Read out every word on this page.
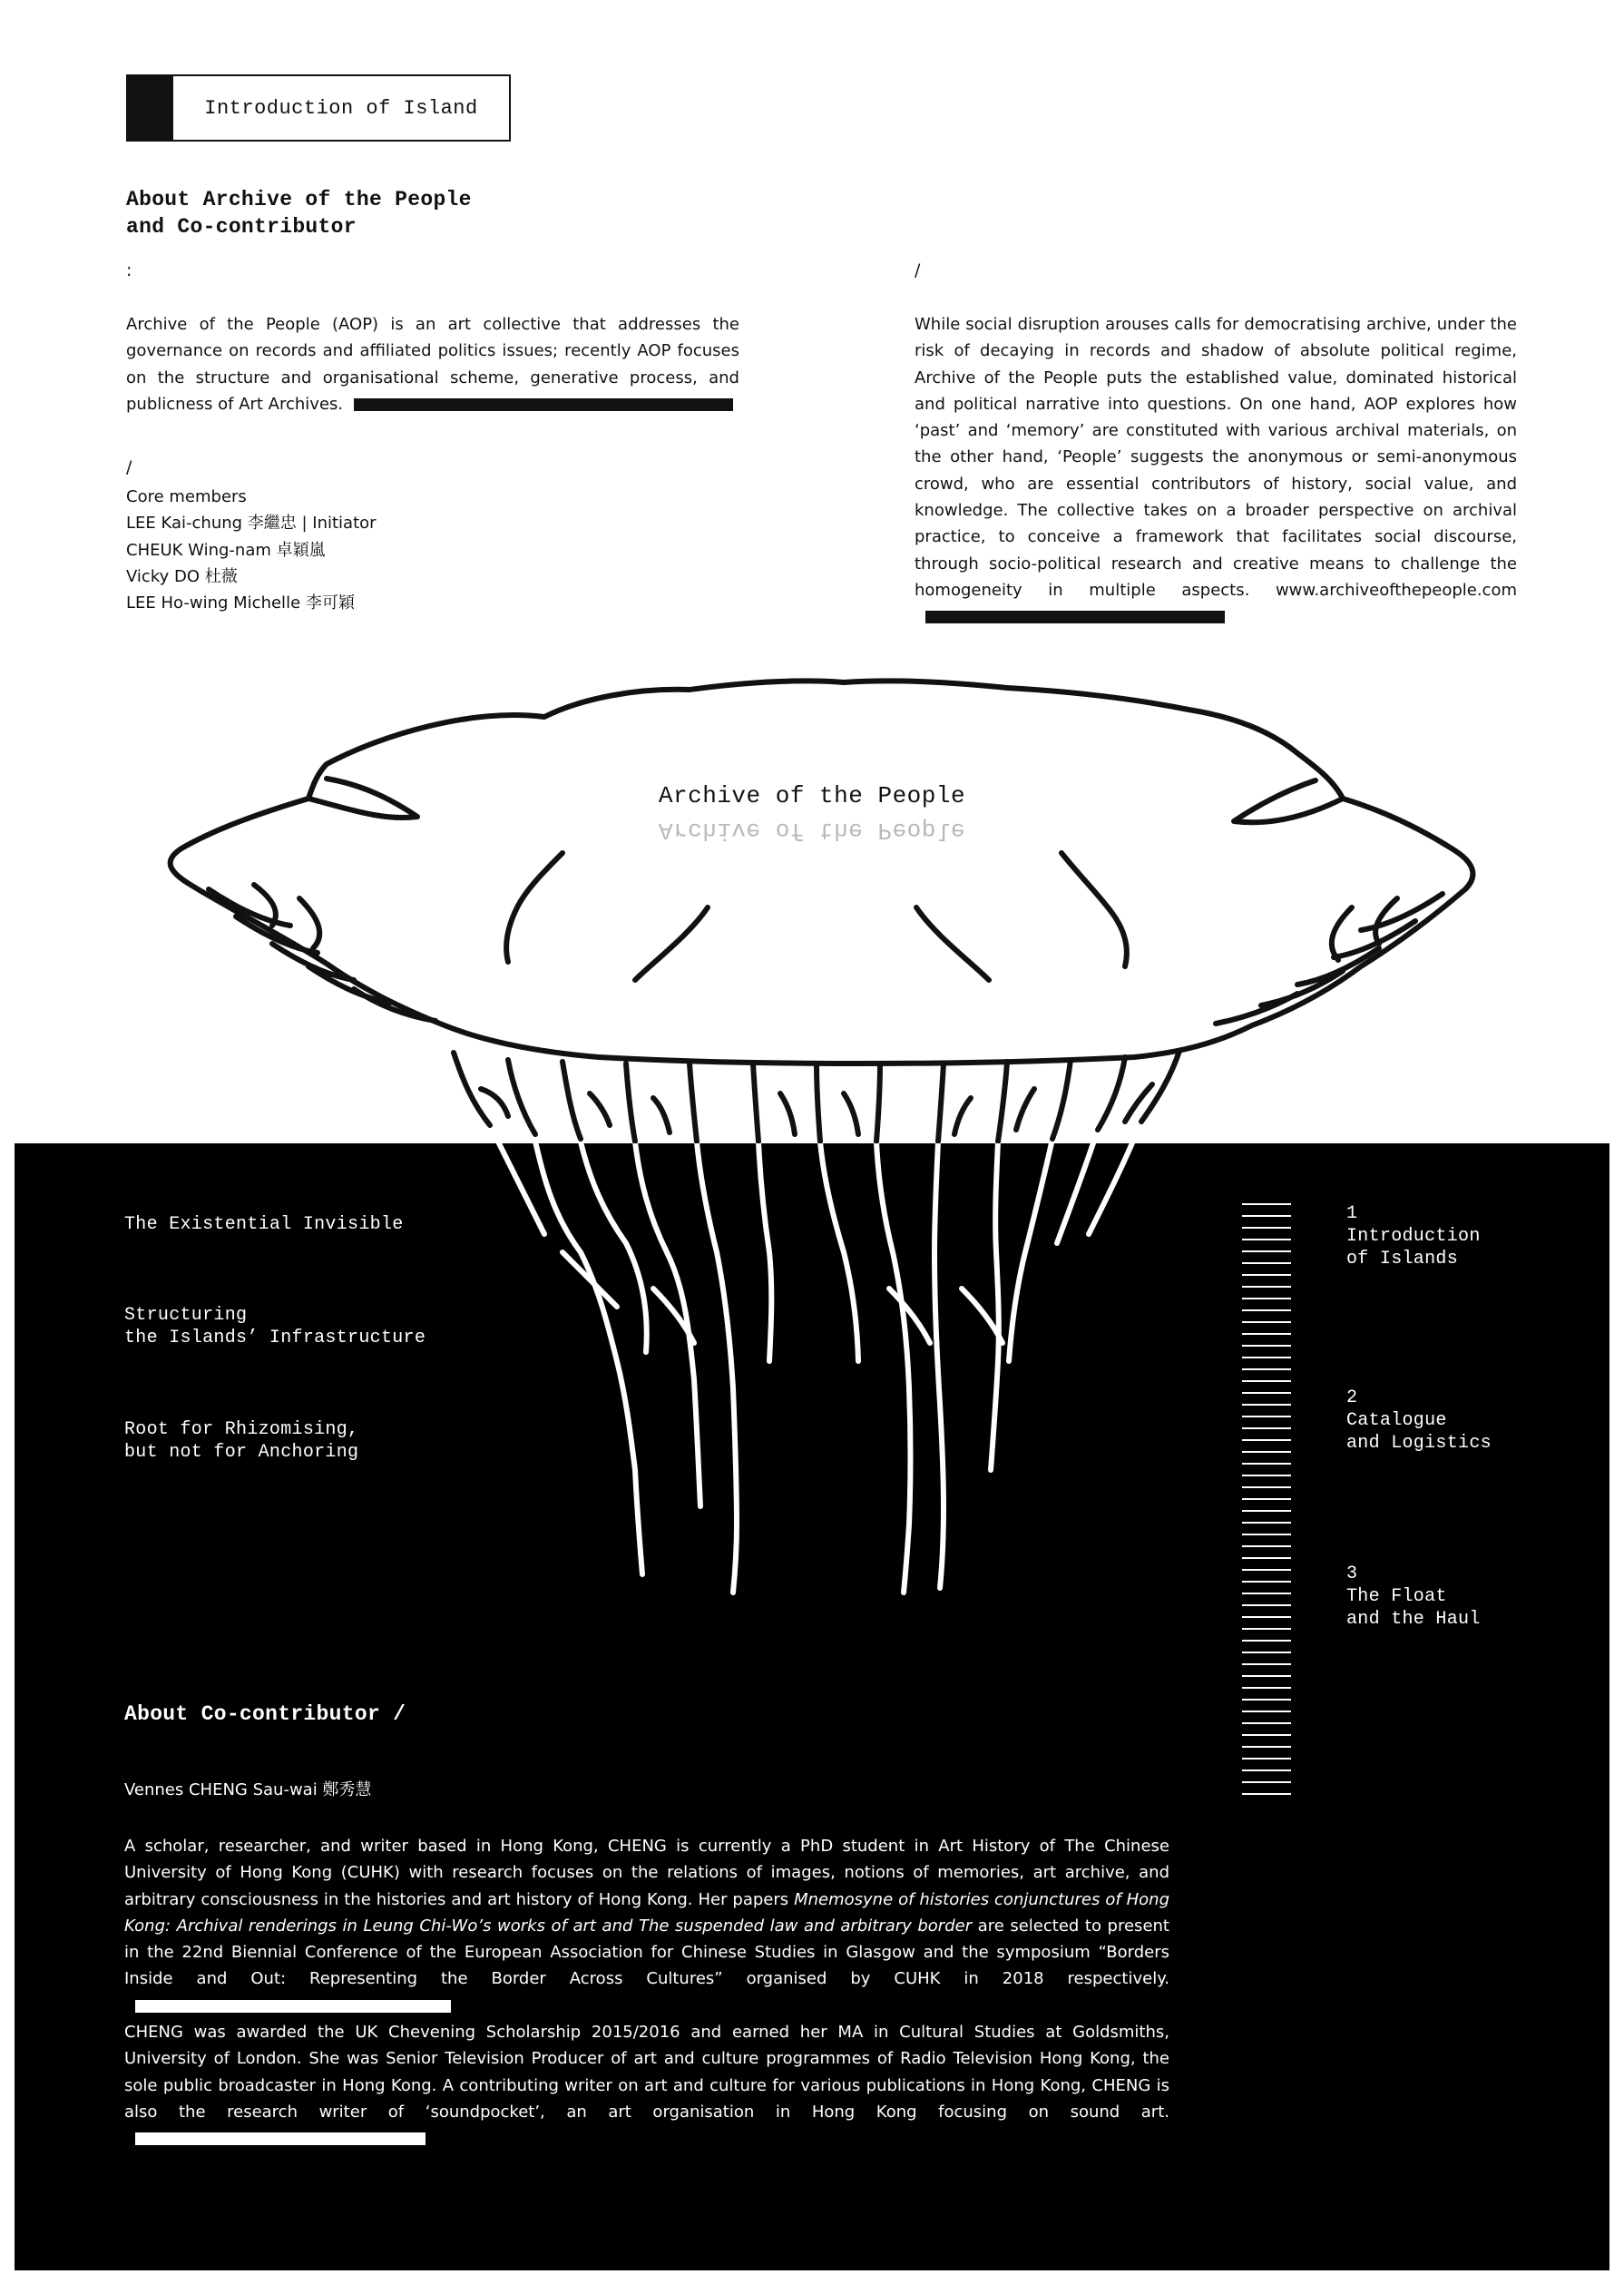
Introduction of Island
About Archive of the People
and Co-contributor
:
Archive of the People (AOP) is an art collective that addresses the governance on records and affiliated politics issues; recently AOP focuses on the structure and organisational scheme, generative process, and publicness of Art Archives.
/
Core members
LEE Kai-chung 李繼忠 | Initiator
CHEUK Wing-nam 卓穎嵐
Vicky DO 杜薇
LEE Ho-wing Michelle 李可穎
/
While social disruption arouses calls for democratising archive, under the risk of decaying in records and shadow of absolute political regime, Archive of the People puts the established value, dominated historical and political narrative into questions. On one hand, AOP explores how ‘past’ and ‘memory’ are constituted with various archival materials, on the other hand, ‘People’ suggests the anonymous or semi-anonymous crowd, who are essential contributors of history, social value, and knowledge. The collective takes on a broader perspective on archival practice, to conceive a framework that facilitates social discourse, through socio-political research and creative means to challenge the homogeneity in multiple aspects. www.archiveofthepeople.com
Archive of the People
Archive of the People
The Existential Invisible
Structuring
the Islands’ Infrastructure
Root for Rhizomising,
but not for Anchoring
1
Introduction
of Islands
2
Catalogue
and Logistics
3
The Float
and the Haul
About Co-contributor /
Vennes CHENG Sau-wai 鄭秀慧
A scholar, researcher, and writer based in Hong Kong, CHENG is currently a PhD student in Art History of The Chinese University of Hong Kong (CUHK) with research focuses on the relations of images, notions of memories, art archive, and arbitrary consciousness in the histories and art history of Hong Kong. Her papers Mnemosyne of histories conjunctures of Hong Kong: Archival renderings in Leung Chi-Wo’s works of art and The suspended law and arbitrary border are selected to present in the 22nd Biennial Conference of the European Association for Chinese Studies in Glasgow and the symposium “Borders Inside and Out: Representing the Border Across Cultures” organised by CUHK in 2018 respectively.
CHENG was awarded the UK Chevening Scholarship 2015/2016 and earned her MA in Cultural Studies at Goldsmiths, University of London. She was Senior Television Producer of art and culture programmes of Radio Television Hong Kong, the sole public broadcaster in Hong Kong. A contributing writer on art and culture for various publications in Hong Kong, CHENG is also the research writer of ‘soundpocket’, an art organisation in Hong Kong focusing on sound art.
